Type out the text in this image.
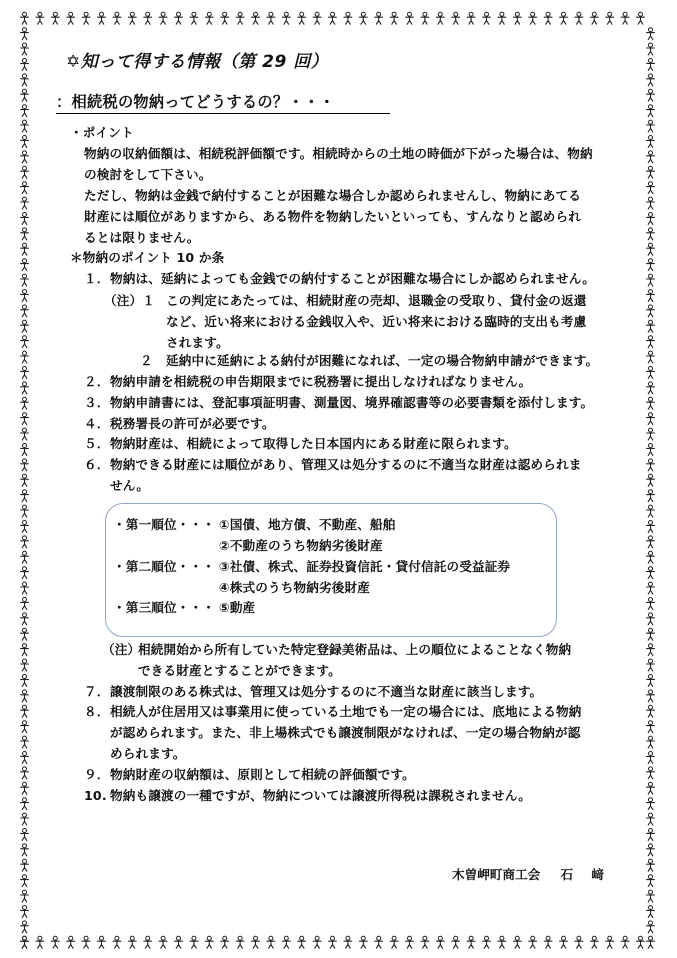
✡知って得する情報（第 29 回）
：相続税の物納ってどうするの？・・・
・ポイント
物納の収納価額は、相続税評価額です。相続時からの土地の時価が下がった場合は、物納
の検討をして下さい。
ただし、物納は金銭で納付することが困難な場合しか認められませんし、物納にあてる
財産には順位がありますから、ある物件を物納したいといっても、すんなりと認められ
るとは限りません。
＊物納のポイント 10 か条
１． 物納は、延納によっても金銭での納付することが困難な場合にしか認められません。
（注）１ この判定にあたっては、相続財産の売却、退職金の受取り、貸付金の返還
など、近い将来における金銭収入や、近い将来における臨時的支出も考慮
されます。
２ 延納中に延納による納付が困難になれば、一定の場合物納申請ができます。
２． 物納申請を相続税の申告期限までに税務署に提出しなければなりません。
３． 物納申請書には、登記事項証明書、測量図、境界確認書等の必要書類を添付します。
４． 税務署長の許可が必要です。
５． 物納財産は、相続によって取得した日本国内にある財産に限られます。
６． 物納できる財産には順位があり、管理又は処分するのに不適当な財産は認められま
せん。
・第一順位・・・ ①国債、地方債、不動産、船舶
②不動産のうち物納劣後財産
・第二順位・・・ ③社債、株式、証券投資信託・貸付信託の受益証券
④株式のうち物納劣後財産
・第三順位・・・ ⑤動産
（注）
相続開始から所有していた特定登録美術品は、上の順位によることなく物納
できる財産とすることができます。
７． 譲渡制限のある株式は、管理又は処分するのに不適当な財産に該当します。
８． 相続人が住居用又は事業用に使っている土地でも一定の場合には、底地による物納
が認められます。また、非上場株式でも譲渡制限がなければ、一定の場合物納が認
められます。
９． 物納財産の収納額は、原則として相続の評価額です。
10. 物納も譲渡の一種ですが、物納については譲渡所得税は課税されません。
木曽岬町商工会 石 﨑
